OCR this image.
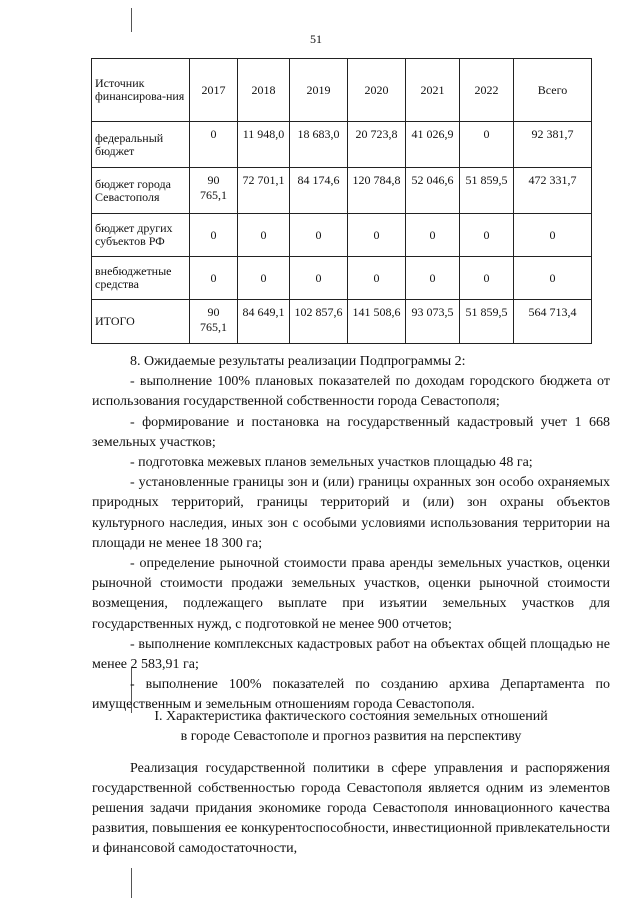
51
Источник финансирова-ния	2017	2018	2019	2020	2021	2022	Всего
федеральный бюджет	0	11 948,0	18 683,0	20 723,8	41 026,9	0	92 381,7
бюджет города Севастополя	90 765,1	72 701,1	84 174,6	120 784,8	52 046,6	51 859,5	472 331,7
бюджет других субъектов РФ	0	0	0	0	0	0	0
внебюджетные средства	0	0	0	0	0	0	0
ИТОГО	90 765,1	84 649,1	102 857,6	141 508,6	93 073,5	51 859,5	564 713,4

8. Ожидаемые результаты реализации Подпрограммы 2:

- выполнение 100% плановых показателей по доходам городского бюджета от использования государственной собственности города Севастополя;

- формирование и постановка на государственный кадастровый учет 1 668 земельных участков;

- подготовка межевых планов земельных участков площадью 48 га;

- установленные границы зон и (или) границы охранных зон особо охраняемых природных территорий, границы территорий и (или) зон охраны объектов культурного наследия, иных зон с особыми условиями использования территории на площади не менее 18 300 га;

- определение рыночной стоимости права аренды земельных участков, оценки рыночной стоимости продажи земельных участков, оценки рыночной стоимости возмещения, подлежащего выплате при изъятии земельных участков для государственных нужд, с подготовкой не менее 900 отчетов;

- выполнение комплексных кадастровых работ на объектах общей площадью не менее 2 583,91 га;

- выполнение 100% показателей по созданию архива Департамента по имущественным и земельным отношениям города Севастополя.

I. Характеристика фактического состояния земельных отношений
в городе Севастополе и прогноз развития на перспективу

Реализация государственной политики в сфере управления и распоряжения государственной собственностью города Севастополя является одним из элементов решения задачи придания экономике города Севастополя инновационного качества развития, повышения ее конкурентоспособности, инвестиционной привлекательности и финансовой самодостаточности,
